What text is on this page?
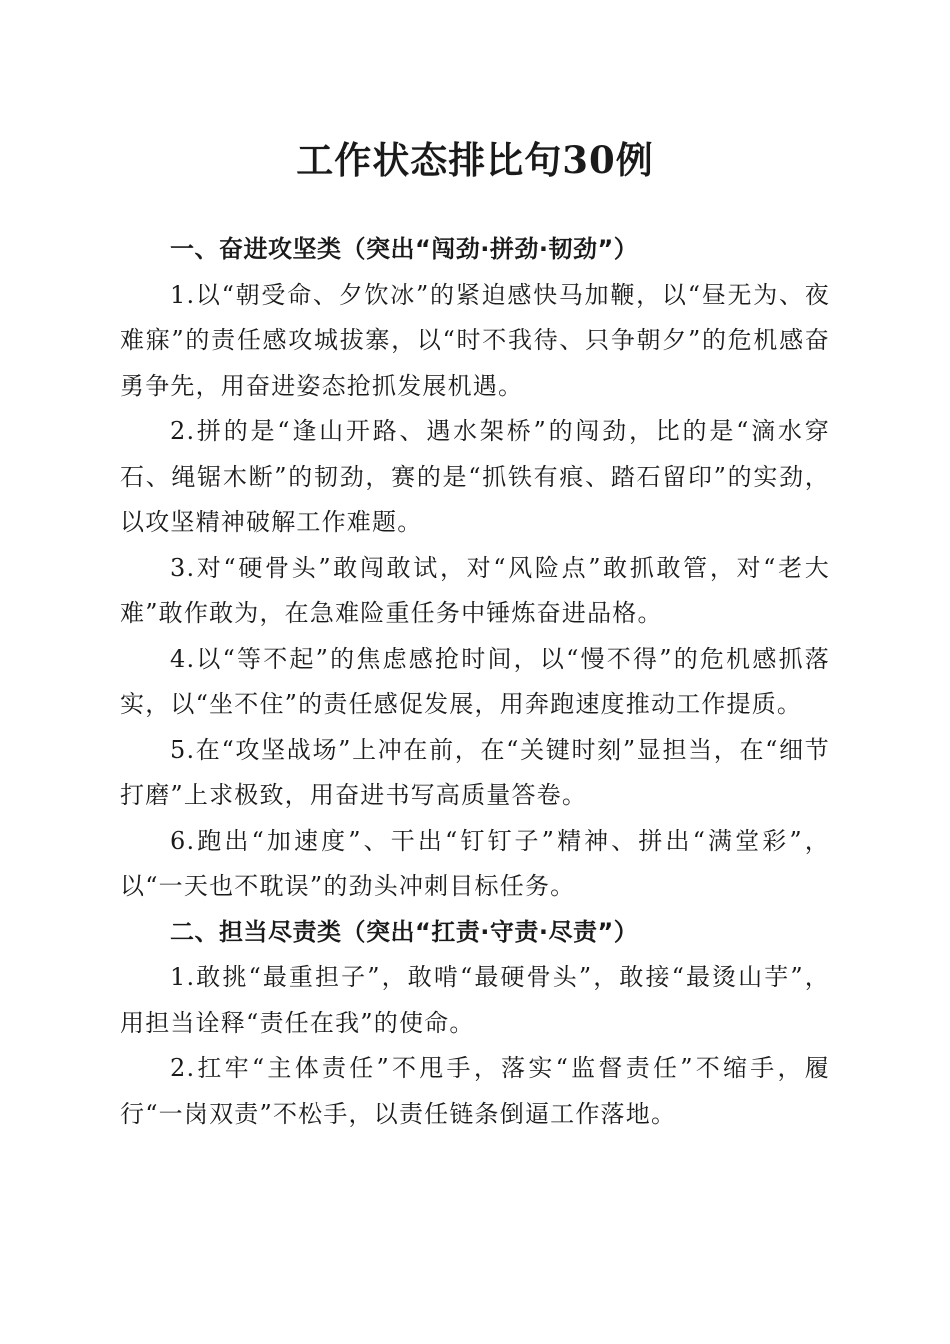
工作状态排比句30例

一、奋进攻坚类（突出“闯劲·拼劲·韧劲”）

1.以“朝受命、夕饮冰”的紧迫感快马加鞭，以“昼无为、夜难寐”的责任感攻城拔寨，以“时不我待、只争朝夕”的危机感奋勇争先，用奋进姿态抢抓发展机遇。

2.拼的是“逢山开路、遇水架桥”的闯劲，比的是“滴水穿石、绳锯木断”的韧劲，赛的是“抓铁有痕、踏石留印”的实劲，以攻坚精神破解工作难题。

3.对“硬骨头”敢闯敢试，对“风险点”敢抓敢管，对“老大难”敢作敢为，在急难险重任务中锤炼奋进品格。

4.以“等不起”的焦虑感抢时间，以“慢不得”的危机感抓落实，以“坐不住”的责任感促发展，用奔跑速度推动工作提质。

5.在“攻坚战场”上冲在前，在“关键时刻”显担当，在“细节打磨”上求极致，用奋进书写高质量答卷。

6.跑出“加速度”、干出“钉钉子”精神、拼出“满堂彩”，以“一天也不耽误”的劲头冲刺目标任务。

二、担当尽责类（突出“扛责·守责·尽责”）

1.敢挑“最重担子”，敢啃“最硬骨头”，敢接“最烫山芋”，用担当诠释“责任在我”的使命。

2.扛牢“主体责任”不甩手，落实“监督责任”不缩手，履行“一岗双责”不松手，以责任链条倒逼工作落地。
